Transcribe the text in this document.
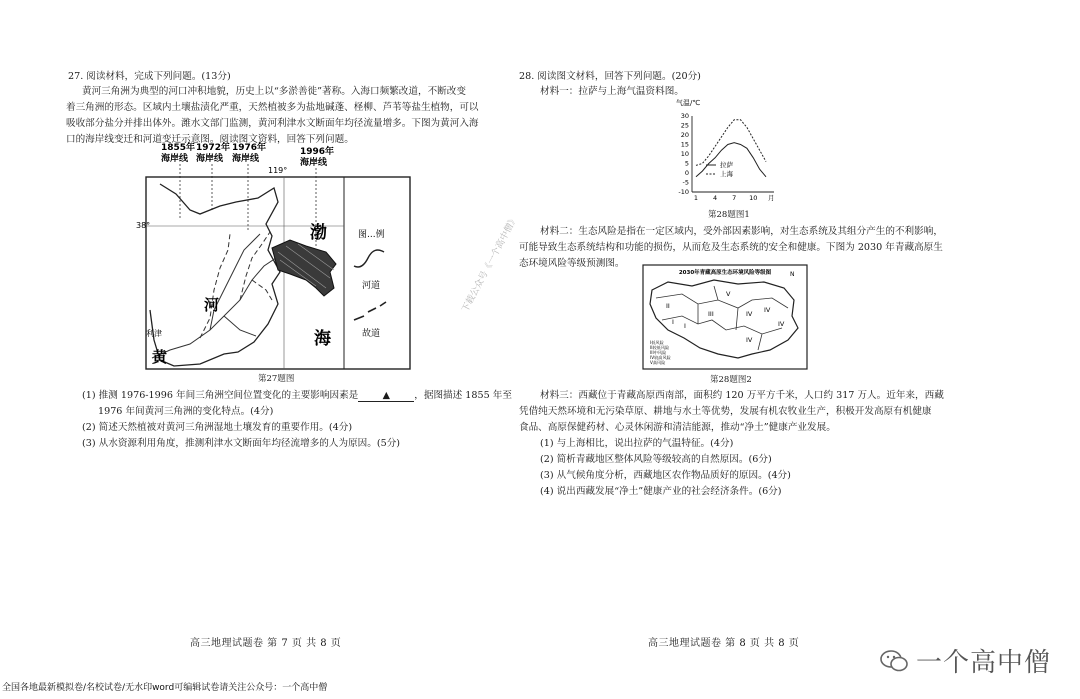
27. 阅读材料，完成下列问题。(13分)
黄河三角洲为典型的河口冲积地貌，历史上以“多淤善徙”著称。入海口频繁改道，不断改变
着三角洲的形态。区域内土壤盐渍化严重，天然植被多为盐地碱蓬、柽柳、芦苇等盐生植物，可以
吸收部分盐分并排出体外。潍水文部门监测，黄河利津水文断面年均径流量增多。下图为黄河入海
口的海岸线变迁和河道变迁示意图。阅读图文资料，回答下列问题。
1855年
海岸线
1972年
海岸线
1976年
海岸线
1996年
海岸线
119°
38°	渤
海
河
黄
利津
图...例
河道
故道
第27题图
(1) 推测 1976-1996 年间三角洲空间位置变化的主要影响因素是	▲	，据图描述 1855 年至
1976 年间黄河三角洲的变化特点。(4分)
(2) 简述天然植被对黄河三角洲湿地土壤发育的重要作用。(4分)
(3) 从水资源利用角度，推测利津水文断面年均径流增多的人为原因。(5分)
高三地理试题卷 第 7 页 共 8 页
28. 阅读图文材料，回答下列问题。(20分)
材料一：拉萨与上海气温资料图。
气温/℃
30
25
20
15
10
5
0
-5
-10
1 4 7 10 月
拉萨
上海
第28题图1
材料二：生态风险是指在一定区域内，受外部因素影响，对生态系统及其组分产生的不利影响，
可能导致生态系统结构和功能的损伤，从而危及生态系统的安全和健康。下图为 2030 年青藏高原生
态环境风险等级预测图。
2030年青藏高原生态环境风险等级图	N
II
I
III
V
IV IV
IV
I
IV
I低风险
II较低风险
III中风险
IV较高风险
V高风险
第28题图2
材料三：西藏位于青藏高原西南部，面积约 120 万平方千米，人口约 317 万人。近年来，西藏
凭借纯天然环境和无污染草原、耕地与水土等优势，发展有机农牧业生产，积极开发高原有机健康
食品、高原保健药材、心灵休闲游和清洁能源，推动“净土”健康产业发展。
(1) 与上海相比，说出拉萨的气温特征。(4分)
(2) 简析青藏地区整体风险等级较高的自然原因。(6分)
(3) 从气候角度分析，西藏地区农作物品质好的原因。(4分)
(4) 说出西藏发展“净土”健康产业的社会经济条件。(6分)
高三地理试题卷 第 8 页 共 8 页
下载公众号《一个高中僧》
一个高中僧
全国各地最新模拟卷/名校试卷/无水印word可编辑试卷请关注公众号：一个高中僧
